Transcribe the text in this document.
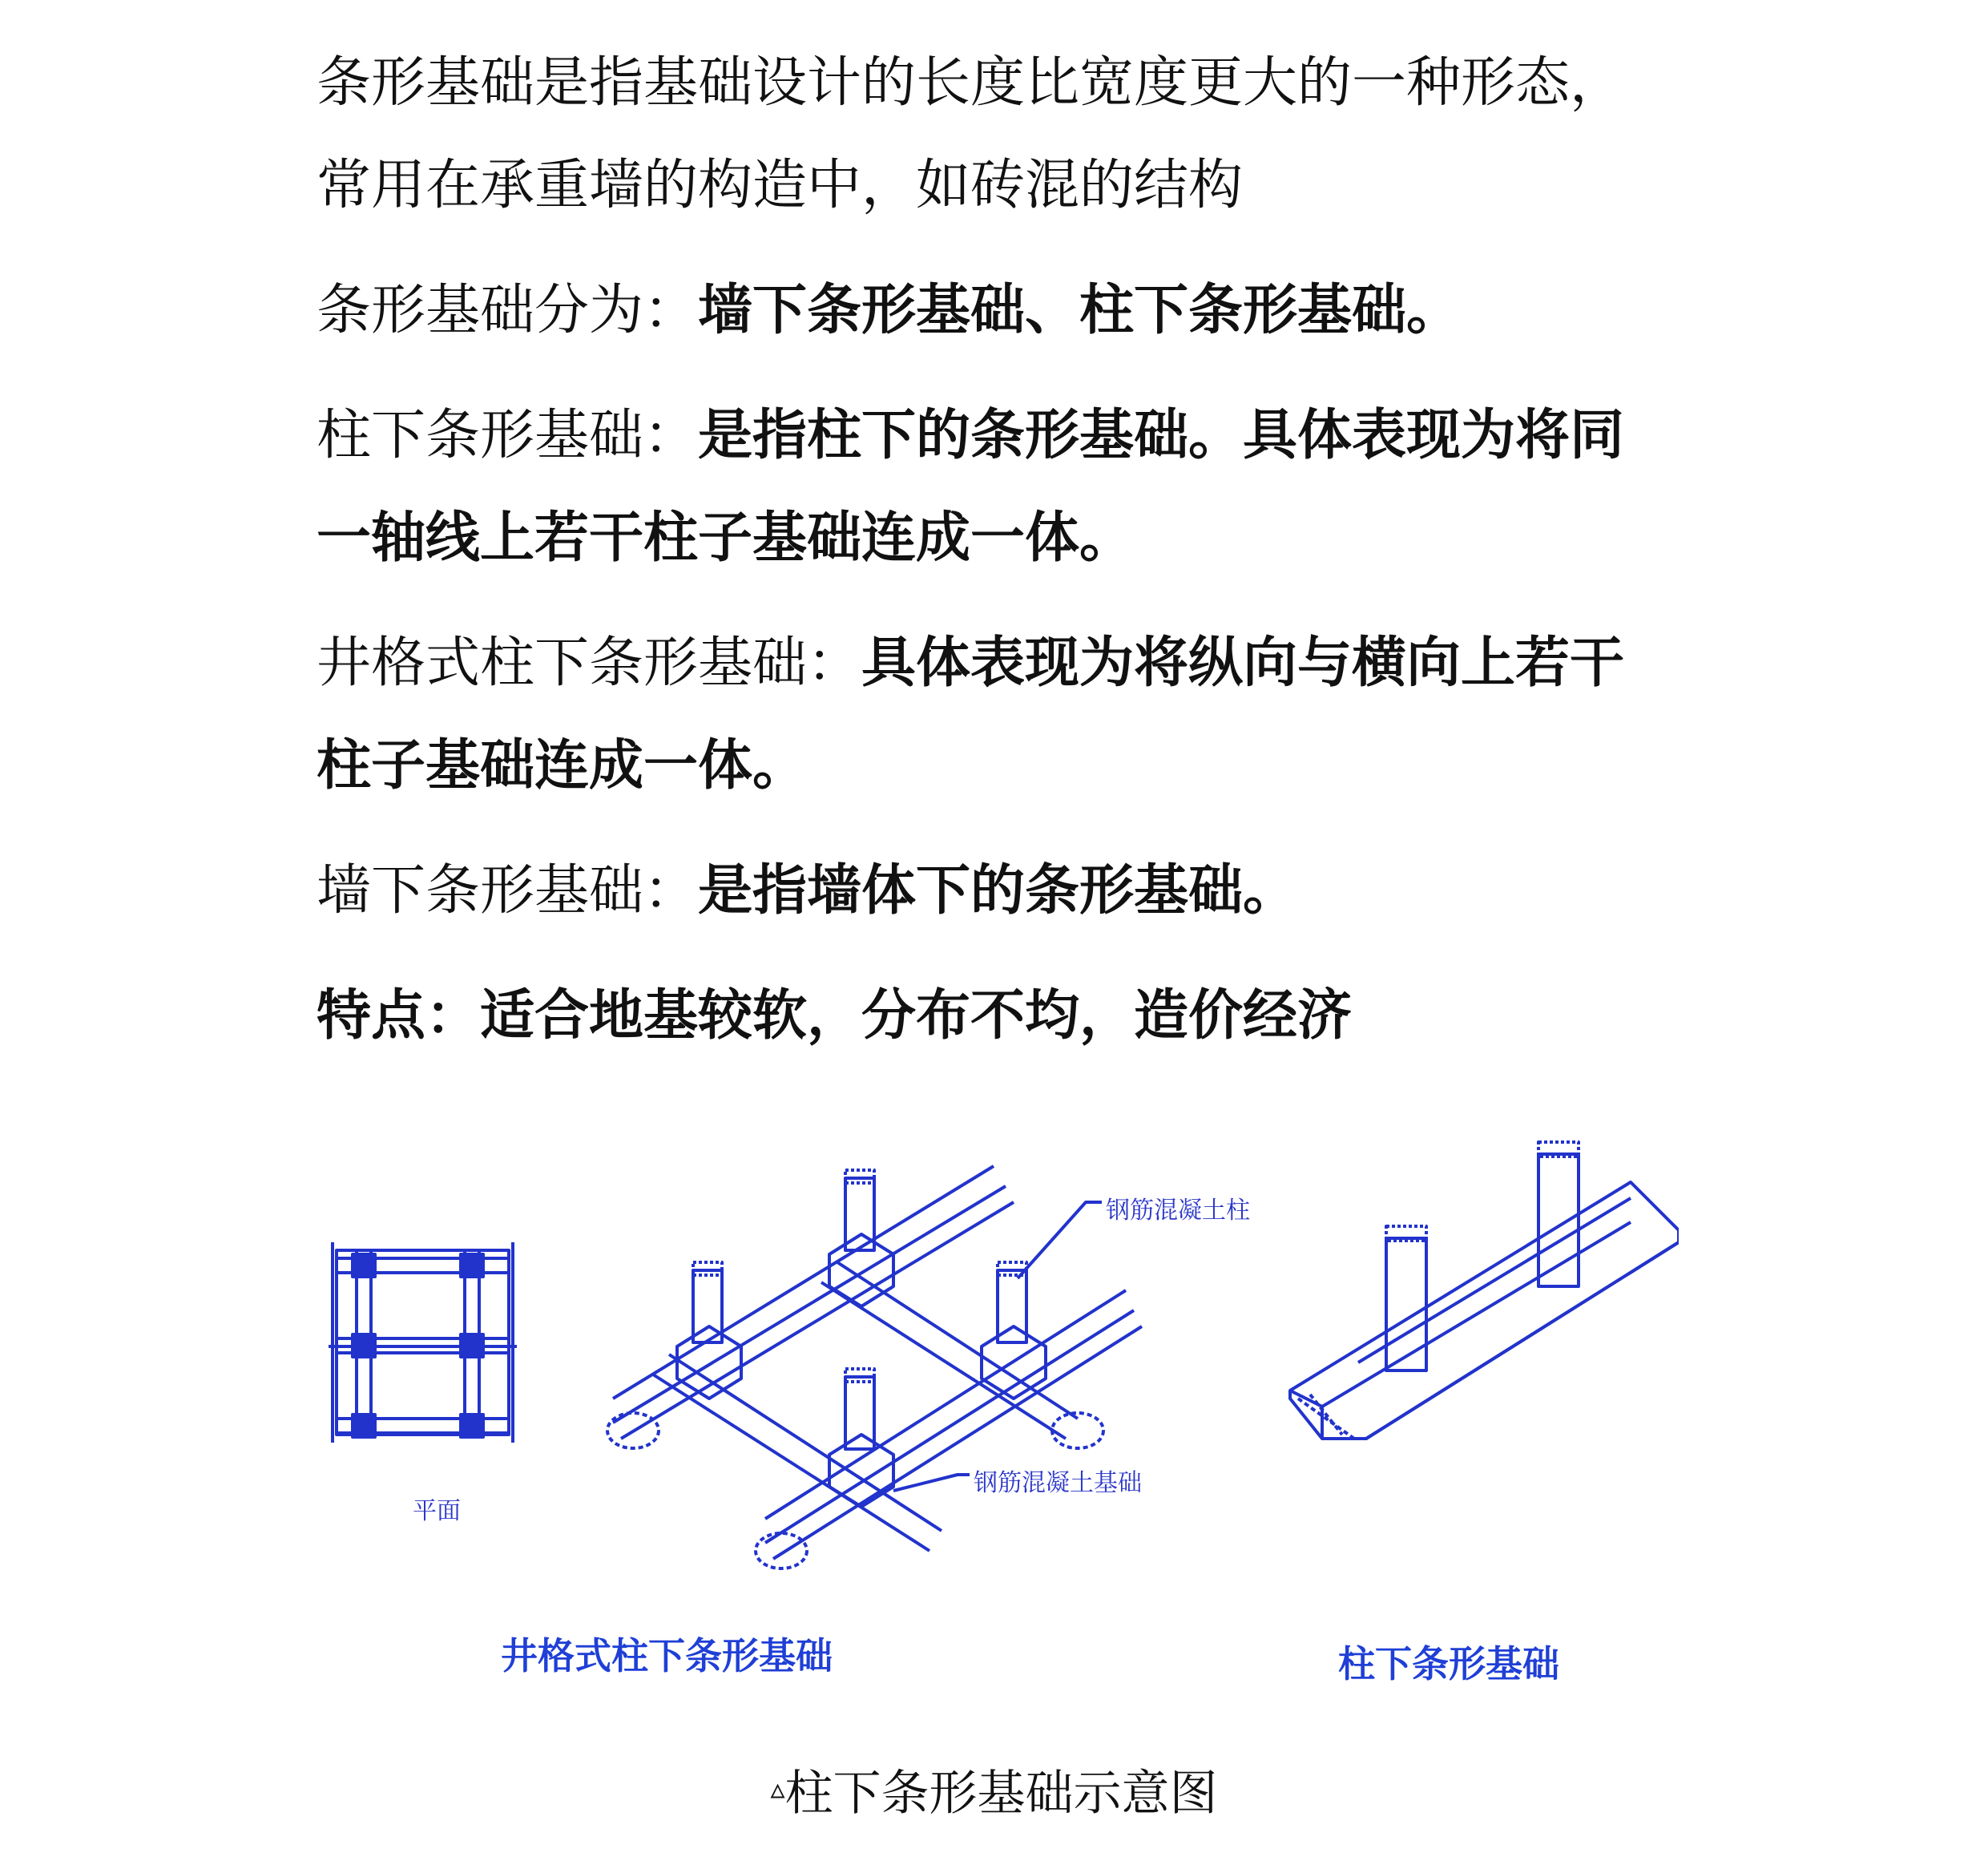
条形基础是指基础设计的长度比宽度更大的一种形态，常用在承重墙的构造中，如砖混的结构

条形基础分为：墙下条形基础、柱下条形基础。

柱下条形基础：是指柱下的条形基础。具体表现为将同一轴线上若干柱子基础连成一体。

井格式柱下条形基础：具体表现为将纵向与横向上若干柱子基础连成一体。

墙下条形基础：是指墙体下的条形基础。

特点：适合地基较软，分布不均，造价经济

平面
钢筋混凝土柱
钢筋混凝土基础
井格式柱下条形基础	柱下条形基础
▵柱下条形基础示意图
